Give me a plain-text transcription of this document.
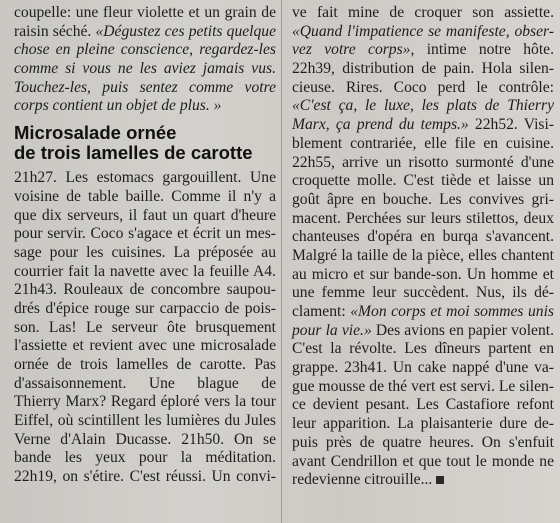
coupelle: une fleur violette et un grain de
raisin séché. «Dégustez ces petits quelque
chose en pleine conscience, regardez-les
comme si vous ne les aviez jamais vus.
Touchez-les, puis sentez comme votre
corps contient un objet de plus. »
Microsalade ornée
de trois lamelles de carotte
21h27. Les estomacs gargouillent. Une
voisine de table baille. Comme il n'y a
que dix serveurs, il faut un quart d'heure
pour servir. Coco s'agace et écrit un mes-
sage pour les cuisines. La préposée au
courrier fait la navette avec la feuille A4.
21h43. Rouleaux de concombre saupou-
drés d'épice rouge sur carpaccio de pois-
son. Las! Le serveur ôte brusquement
l'assiette et revient avec une microsalade
ornée de trois lamelles de carotte. Pas
d'assaisonnement. Une blague de
Thierry Marx? Regard éploré vers la tour
Eiffel, où scintillent les lumières du Jules
Verne d'Alain Ducasse. 21h50. On se
bande les yeux pour la méditation.
22h19, on s'étire. C'est réussi. Un convi-
ve fait mine de croquer son assiette.
«Quand l'impatience se manifeste, obser-
vez votre corps», intime notre hôte.
22h39, distribution de pain. Hola silen-
cieuse. Rires. Coco perd le contrôle:
«C'est ça, le luxe, les plats de Thierry
Marx, ça prend du temps.» 22h52. Visi-
blement contrariée, elle file en cuisine.
22h55, arrive un risotto surmonté d'une
croquette molle. C'est tiède et laisse un
goût âpre en bouche. Les convives gri-
macent. Perchées sur leurs stilettos, deux
chanteuses d'opéra en burqa s'avancent.
Malgré la taille de la pièce, elles chantent
au micro et sur bande-son. Un homme et
une femme leur succèdent. Nus, ils dé-
clament: «Mon corps et moi sommes unis
pour la vie.» Des avions en papier volent.
C'est la révolte. Les dîneurs partent en
grappe. 23h41. Un cake nappé d'une va-
gue mousse de thé vert est servi. Le silen-
ce devient pesant. Les Castafiore refont
leur apparition. La plaisanterie dure de-
puis près de quatre heures. On s'enfuit
avant Cendrillon et que tout le monde ne
redevienne citrouille...
